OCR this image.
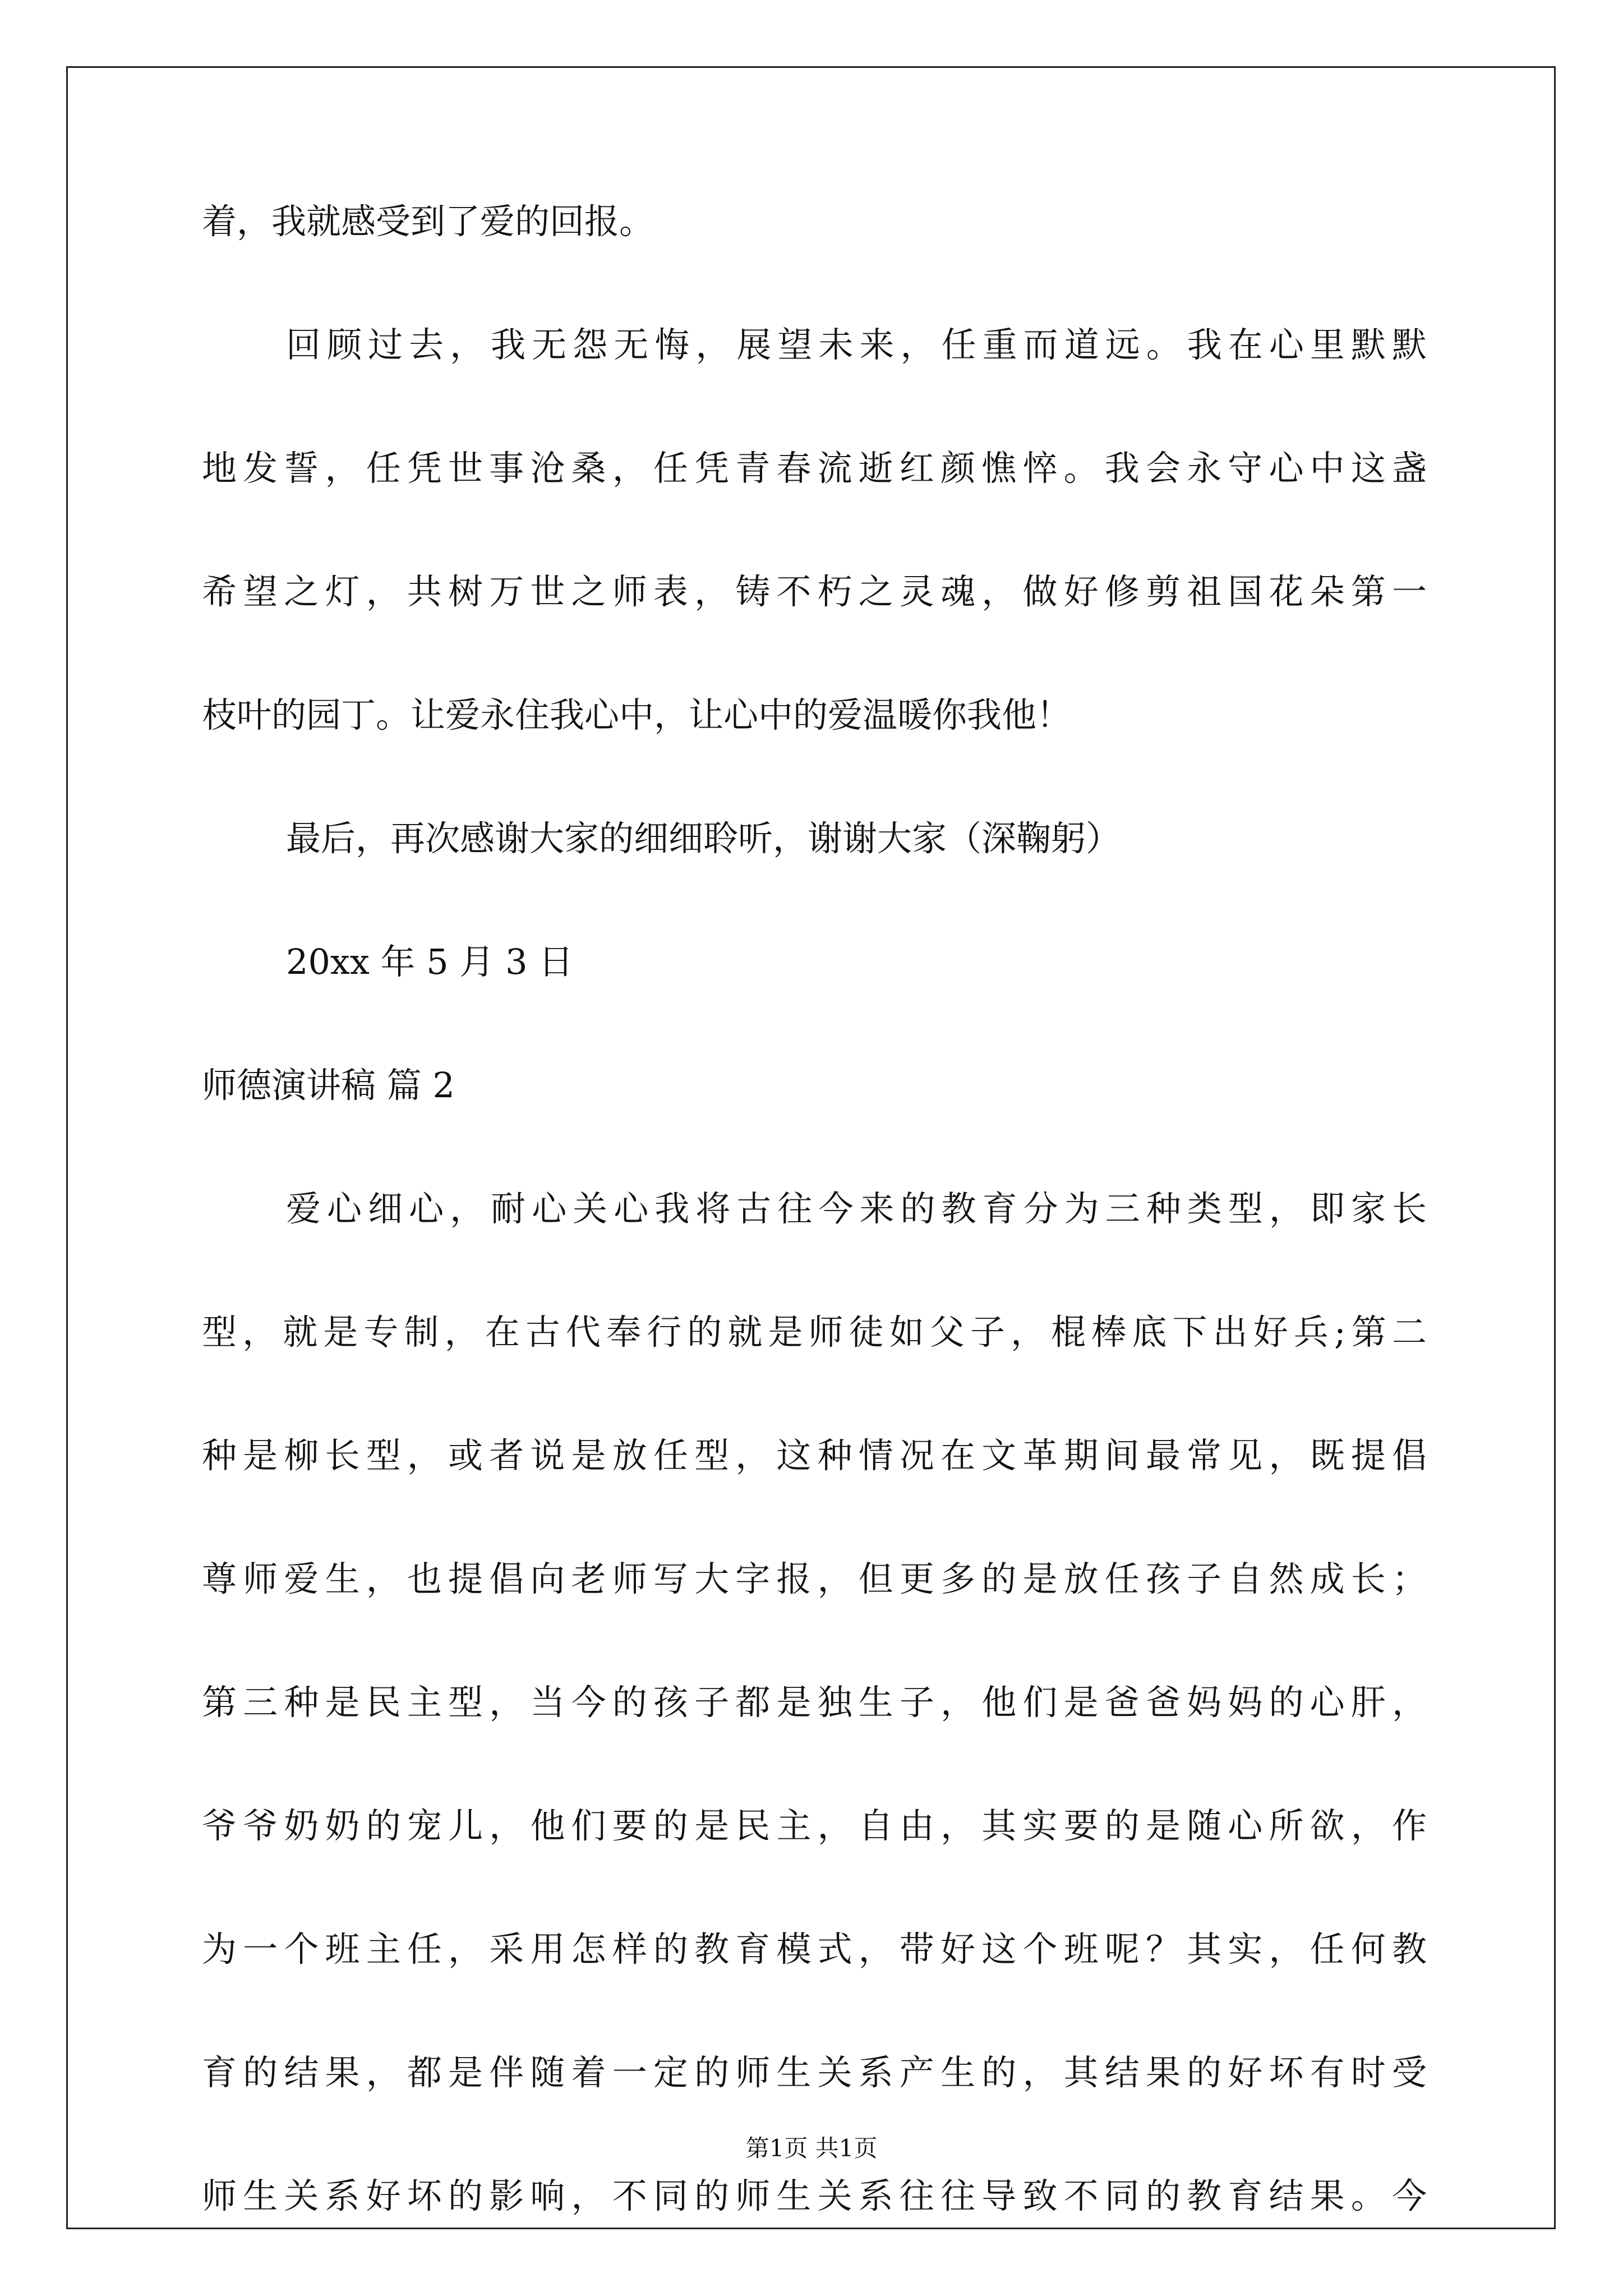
着，我就感受到了爱的回报。
回顾过去，我无怨无悔，展望未来，任重而道远。我在心里默默
地发誓，任凭世事沧桑，任凭青春流逝红颜憔悴。我会永守心中这盏
希望之灯，共树万世之师表，铸不朽之灵魂，做好修剪祖国花朵第一
枝叶的园丁。让爱永住我心中，让心中的爱温暖你我他！
最后，再次感谢大家的细细聆听，谢谢大家（深鞠躬）
20xx 年 5 月 3 日
师德演讲稿 篇 2
爱心细心，耐心关心我将古往今来的教育分为三种类型，即家长
型，就是专制，在古代奉行的就是师徒如父子，棍棒底下出好兵;第二
种是柳长型，或者说是放任型，这种情况在文革期间最常见，既提倡
尊师爱生，也提倡向老师写大字报，但更多的是放任孩子自然成长；
第三种是民主型，当今的孩子都是独生子，他们是爸爸妈妈的心肝，
爷爷奶奶的宠儿，他们要的是民主，自由，其实要的是随心所欲，作
为一个班主任，采用怎样的教育模式，带好这个班呢？其实，任何教
育的结果，都是伴随着一定的师生关系产生的，其结果的好坏有时受
师生关系好坏的影响，不同的师生关系往往导致不同的教育结果。今
第1页 共1页
